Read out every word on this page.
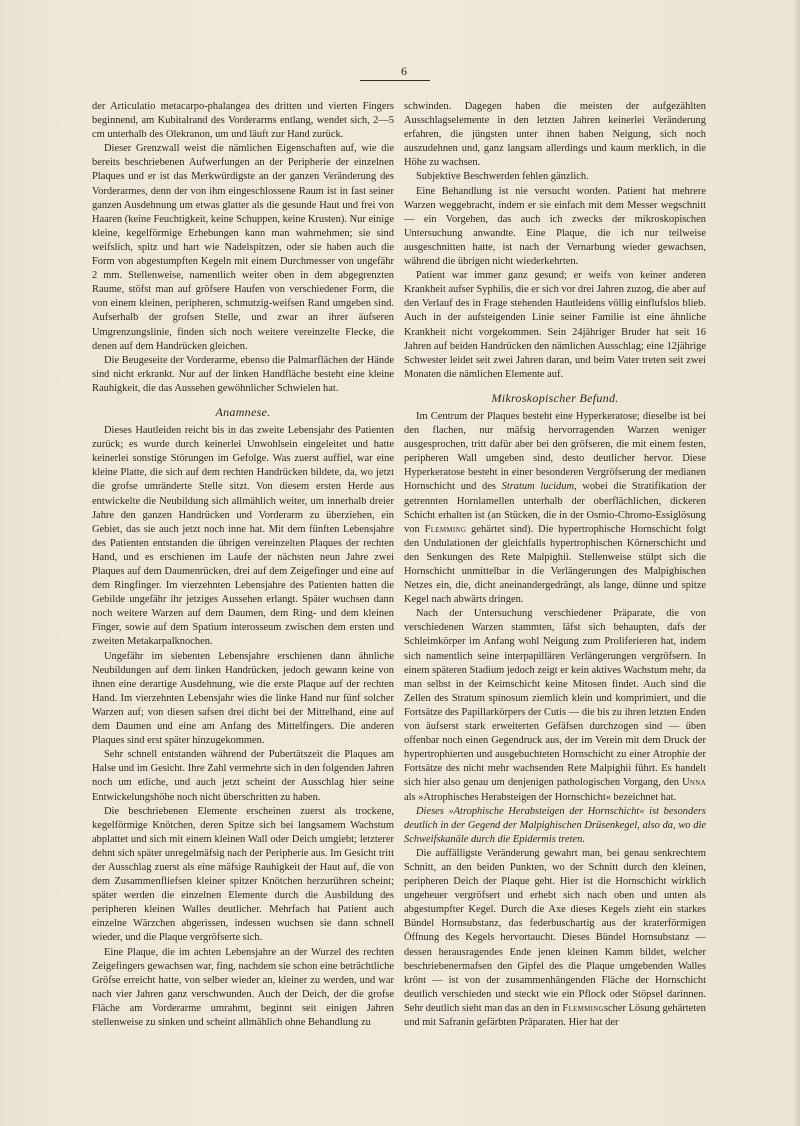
6

der Articulatio metacarpo-phalangea des dritten und vierten Fingers beginnend, am Kubitalrand des Vorderarms entlang, wendet sich, 2—5 cm unterhalb des Olekranon, um und läuft zur Hand zurück.

Dieser Grenzwall weist die nämlichen Eigenschaften auf, wie die bereits beschriebenen Aufwerfungen an der Peripherie der einzelnen Plaques und er ist das Merkwürdigste an der ganzen Veränderung des Vorderarmes, denn der von ihm eingeschlossene Raum ist in fast seiner ganzen Ausdehnung um etwas glatter als die gesunde Haut und frei von Haaren (keine Feuchtigkeit, keine Schuppen, keine Krusten). Nur einige kleine, kegelförmige Erhebungen kann man wahrnehmen; sie sind weifslich, spitz und hart wie Nadelspitzen, oder sie haben auch die Form von abgestumpften Kegeln mit einem Durchmesser von ungefähr 2 mm. Stellenweise, namentlich weiter oben in dem abgegrenzten Raume, stöfst man auf gröfsere Haufen von verschiedener Form, die von einem kleinen, peripheren, schmutzig-weifsen Rand umgeben sind. Aufserhalb der grofsen Stelle, und zwar an ihrer äufseren Umgrenzungslinie, finden sich noch weitere vereinzelte Flecke, die denen auf dem Handrücken gleichen.

Die Beugeseite der Vorderarme, ebenso die Palmarflächen der Hände sind nicht erkrankt. Nur auf der linken Handfläche besteht eine kleine Rauhigkeit, die das Aussehen gewöhnlicher Schwielen hat.

Anamnese.

Dieses Hautleiden reicht bis in das zweite Lebensjahr des Patienten zurück; es wurde durch keinerlei Unwohlsein eingeleitet und hatte keinerlei sonstige Störungen im Gefolge. Was zuerst auffiel, war eine kleine Platte, die sich auf dem rechten Handrücken bildete, da, wo jetzt die grofse umränderte Stelle sitzt. Von diesem ersten Herde aus entwickelte die Neubildung sich allmählich weiter, um innerhalb dreier Jahre den ganzen Handrücken und Vorderarm zu überziehen, ein Gebiet, das sie auch jetzt noch inne hat. Mit dem fünften Lebensjahre des Patienten entstanden die übrigen vereinzelten Plaques der rechten Hand, und es erschienen im Laufe der nächsten neun Jahre zwei Plaques auf dem Daumenrücken, drei auf dem Zeigefinger und eine auf dem Ringfinger. Im vierzehnten Lebensjahre des Patienten hatten die Gebilde ungefähr ihr jetziges Aussehen erlangt. Später wuchsen dann noch weitere Warzen auf dem Daumen, dem Ring- und dem kleinen Finger, sowie auf dem Spatium interosseum zwischen dem ersten und zweiten Metakarpalknochen.

Ungefähr im siebenten Lebensjahre erschienen dann ähnliche Neubildungen auf dem linken Handrücken, jedoch gewann keine von ihnen eine derartige Ausdehnung, wie die erste Plaque auf der rechten Hand. Im vierzehnten Lebensjahr wies die linke Hand nur fünf solcher Warzen auf; von diesen safsen drei dicht bei der Mittelhand, eine auf dem Daumen und eine am Anfang des Mittelfingers. Die anderen Plaques sind erst später hinzugekommen.

Sehr schnell entstanden während der Pubertätszeit die Plaques am Halse und im Gesicht. Ihre Zahl vermehrte sich in den folgenden Jahren noch um etliche, und auch jetzt scheint der Ausschlag hier seine Entwickelungshöhe noch nicht überschritten zu haben.

Die beschriebenen Elemente erscheinen zuerst als trockene, kegelförmige Knötchen, deren Spitze sich bei langsamem Wachstum abplattet und sich mit einem kleinen Wall oder Deich umgiebt; letzterer dehnt sich später unregelmäfsig nach der Peripherie aus. Im Gesicht tritt der Ausschlag zuerst als eine mäfsige Rauhigkeit der Haut auf, die von dem Zusammenfliefsen kleiner spitzer Knötchen herzurühren scheint; später werden die einzelnen Elemente durch die Ausbildung des peripheren kleinen Walles deutlicher. Mehrfach hat Patient auch einzelne Wärzchen abgerissen, indessen wuchsen sie dann schnell wieder, und die Plaque vergröfserte sich.

Eine Plaque, die im achten Lebensjahre an der Wurzel des rechten Zeigefingers gewachsen war, fing, nachdem sie schon eine beträchtliche Gröfse erreicht hatte, von selber wieder an, kleiner zu werden, und war nach vier Jahren ganz verschwunden. Auch der Deich, der die grofse Fläche am Vorderarme umrahmt, beginnt seit einigen Jahren stellenweise zu sinken und scheint allmählich ohne Behandlung zu

schwinden. Dagegen haben die meisten der aufgezählten Ausschlagselemente in den letzten Jahren keinerlei Veränderung erfahren, die jüngsten unter ihnen haben Neigung, sich noch auszudehnen und, ganz langsam allerdings und kaum merklich, in die Höhe zu wachsen.

Subjektive Beschwerden fehlen gänzlich.

Eine Behandlung ist nie versucht worden. Patient hat mehrere Warzen weggebracht, indem er sie einfach mit dem Messer wegschnitt — ein Vorgehen, das auch ich zwecks der mikroskopischen Untersuchung anwandte. Eine Plaque, die ich nur teilweise ausgeschnitten hatte, ist nach der Vernarbung wieder gewachsen, während die übrigen nicht wiederkehrten.

Patient war immer ganz gesund; er weifs von keiner anderen Krankheit aufser Syphilis, die er sich vor drei Jahren zuzog, die aber auf den Verlauf des in Frage stehenden Hautleidens völlig einflufslos blieb. Auch in der aufsteigenden Linie seiner Familie ist eine ähnliche Krankheit nicht vorgekommen. Sein 24jähriger Bruder hat seit 16 Jahren auf beiden Handrücken den nämlichen Ausschlag; eine 12jährige Schwester leidet seit zwei Jahren daran, und beim Vater treten seit zwei Monaten die nämlichen Elemente auf.

Mikroskopischer Befund.

Im Centrum der Plaques besteht eine Hyperkeratose; dieselbe ist bei den flachen, nur mäfsig hervorragenden Warzen weniger ausgesprochen, tritt dafür aber bei den gröfseren, die mit einem festen, peripheren Wall umgeben sind, desto deutlicher hervor. Diese Hyperkeratose besteht in einer besonderen Vergröfserung der medianen Hornschicht und des Stratum lucidum, wobei die Stratifikation der getrennten Hornlamellen unterhalb der oberflächlichen, dickeren Schicht erhalten ist (an Stücken, die in der Osmio-Chromo-Essiglösung von Flemming gehärtet sind). Die hypertrophische Hornschicht folgt den Undulationen der gleichfalls hypertrophischen Körnerschicht und den Senkungen des Rete Malpighii. Stellenweise stülpt sich die Hornschicht unmittelbar in die Verlängerungen des Malpighischen Netzes ein, die, dicht aneinandergedrängt, als lange, dünne und spitze Kegel nach abwärts dringen.

Nach der Untersuchung verschiedener Präparate, die von verschiedenen Warzen stammten, läfst sich behaupten, dafs der Schleimkörper im Anfang wohl Neigung zum Proliferieren hat, indem sich namentlich seine interpapillären Verlängerungen vergröfsern. In einem späteren Stadium jedoch zeigt er kein aktives Wachstum mehr, da man selbst in der Keimschicht keine Mitosen findet. Auch sind die Zellen des Stratum spinosum ziemlich klein und komprimiert, und die Fortsätze des Papillarkörpers der Cutis — die bis zu ihren letzten Enden von äufserst stark erweiterten Gefäfsen durchzogen sind — üben offenbar noch einen Gegendruck aus, der im Verein mit dem Druck der hypertrophierten und ausgebuchteten Hornschicht zu einer Atrophie der Fortsätze des nicht mehr wachsenden Rete Malpighii führt. Es handelt sich hier also genau um denjenigen pathologischen Vorgang, den Unna als »Atrophisches Herabsteigen der Hornschicht« bezeichnet hat.

Dieses »Atrophische Herabsteigen der Hornschicht« ist besonders deutlich in der Gegend der Malpighischen Drüsenkegel, also da, wo die Schweifskanäle durch die Epidermis treten.

Die auffälligste Veränderung gewahrt man, bei genau senkrechtem Schnitt, an den beiden Punkten, wo der Schnitt durch den kleinen, peripheren Deich der Plaque geht. Hier ist die Hornschicht wirklich ungeheuer vergröfsert und erhebt sich nach oben und unten als abgestumpfter Kegel. Durch die Axe dieses Kegels zieht ein starkes Bündel Hornsubstanz, das federbuschartig aus der kraterförmigen Öffnung des Kegels hervortaucht. Dieses Bündel Hornsubstanz — dessen herausragendes Ende jenen kleinen Kamm bildet, welcher beschriebenermafsen den Gipfel des die Plaque umgebenden Walles krönt — ist von der zusammenhängenden Fläche der Hornschicht deutlich verschieden und steckt wie ein Pflock oder Stöpsel darinnen. Sehr deutlich sieht man das an den in Flemmingscher Lösung gehärteten und mit Safranin gefärbten Präparaten. Hier hat der
